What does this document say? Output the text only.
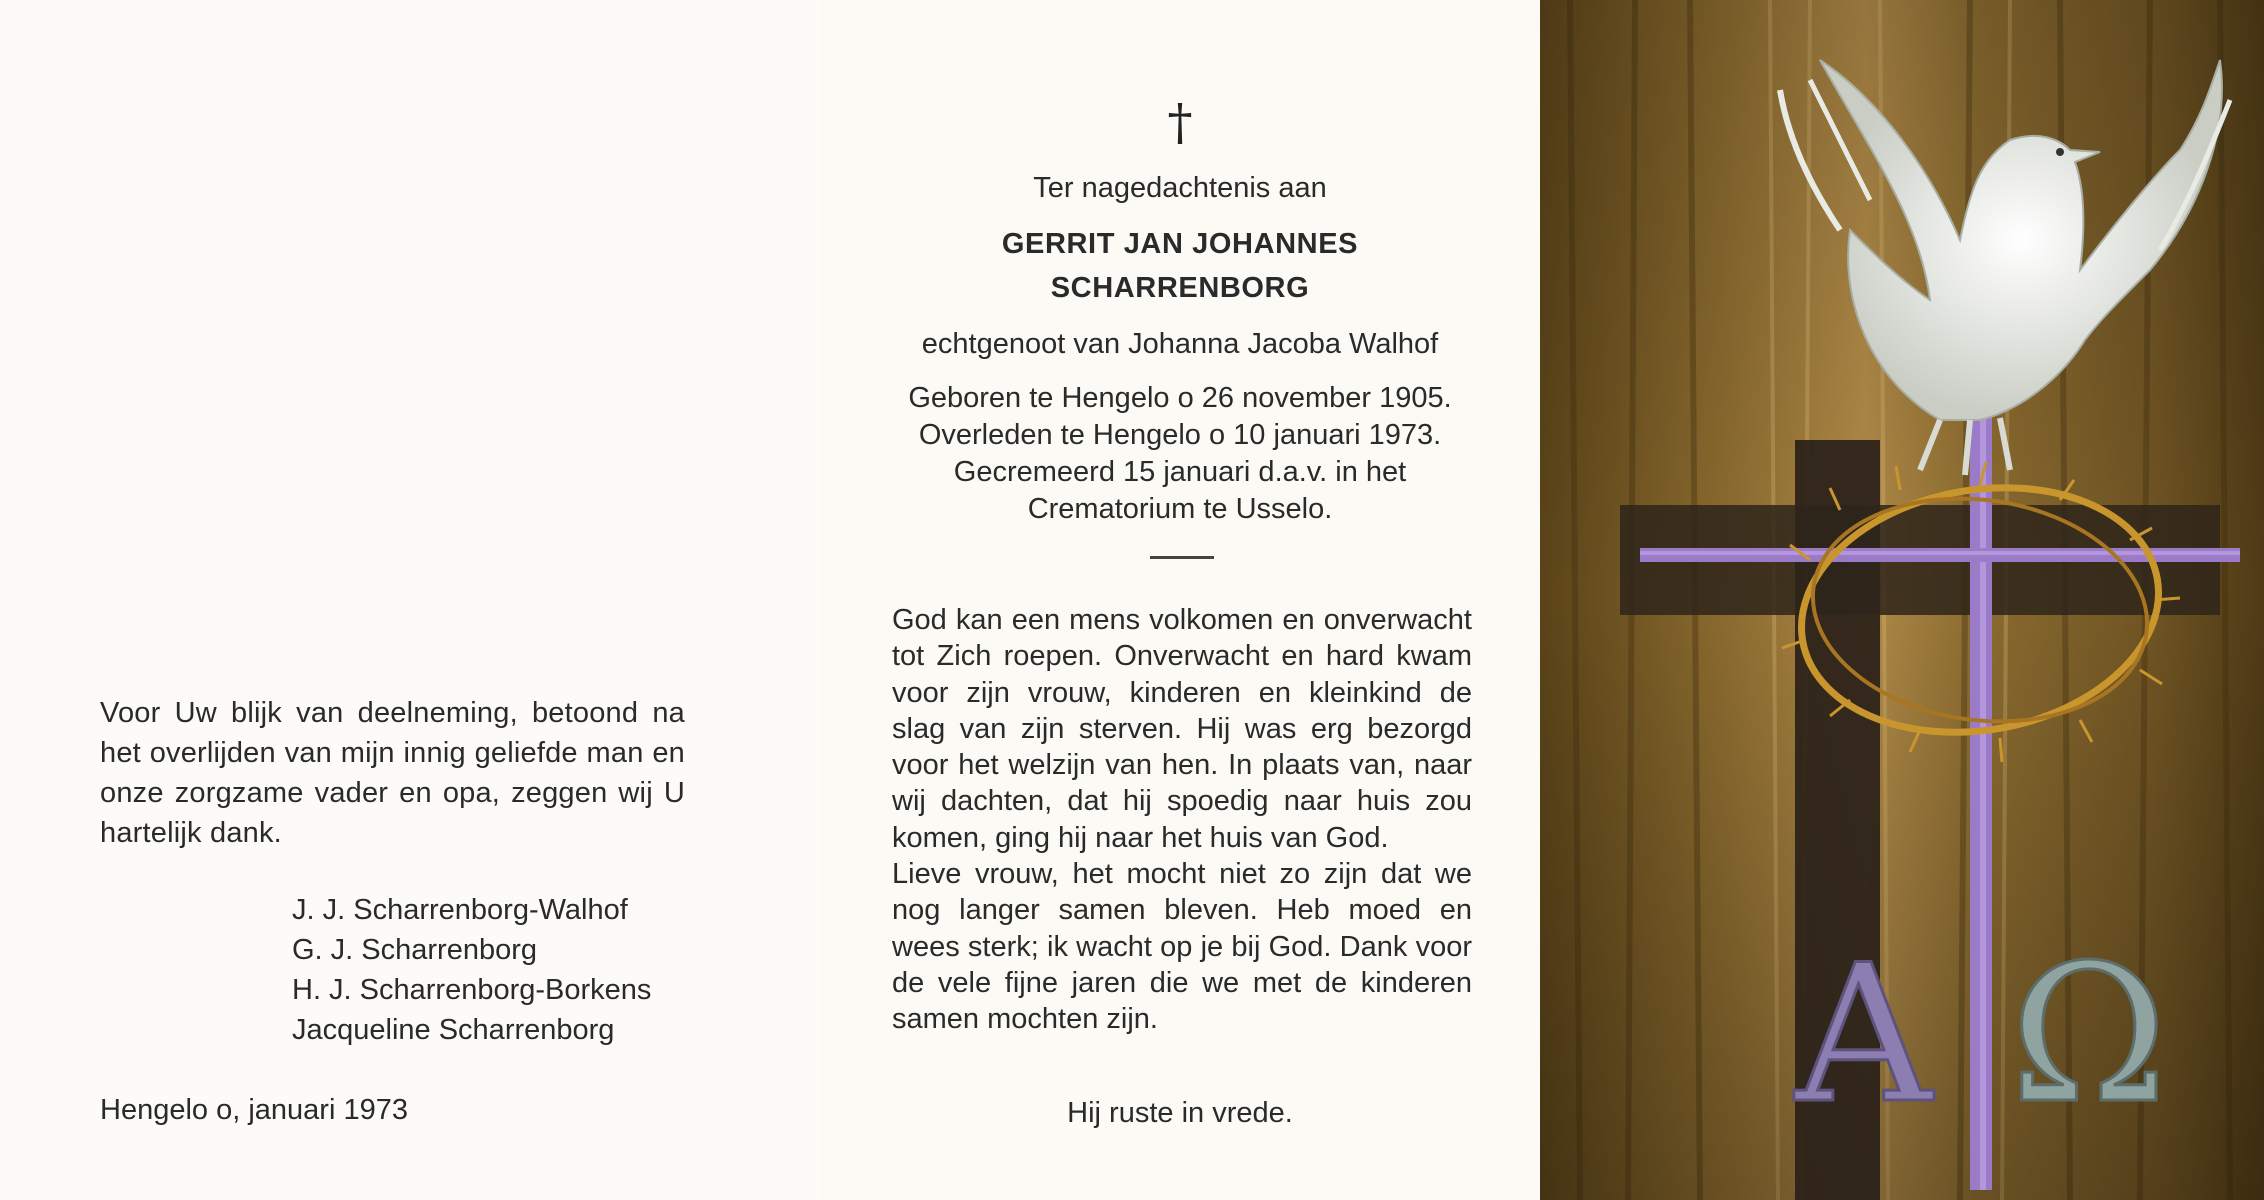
Voor Uw blijk van deelneming, betoond na het overlijden van mijn innig geliefde man en onze zorgzame vader en opa, zeggen wij U hartelijk dank.
J. J. Scharrenborg-Walhof
G. J. Scharrenborg
H. J. Scharrenborg-Borkens
Jacqueline Scharrenborg
Hengelo o, januari 1973
†
Ter nagedachtenis aan
GERRIT JAN JOHANNES
SCHARRENBORG
echtgenoot van Johanna Jacoba Walhof
Geboren te Hengelo o 26 november 1905.
Overleden te Hengelo o 10 januari 1973.
Gecremeerd 15 januari d.a.v. in het
Crematorium te Usselo.

God kan een mens volkomen en onverwacht tot Zich roepen. Onverwacht en hard kwam voor zijn vrouw, kinderen en kleinkind de slag van zijn sterven. Hij was erg bezorgd voor het welzijn van hen. In plaats van, naar wij dachten, dat hij spoedig naar huis zou komen, ging hij naar het huis van God.

Lieve vrouw, het mocht niet zo zijn dat we nog langer samen bleven. Heb moed en wees sterk; ik wacht op je bij God. Dank voor de vele fijne jaren die we met de kinderen samen mochten zijn.

Hij ruste in vrede.	A Ω
